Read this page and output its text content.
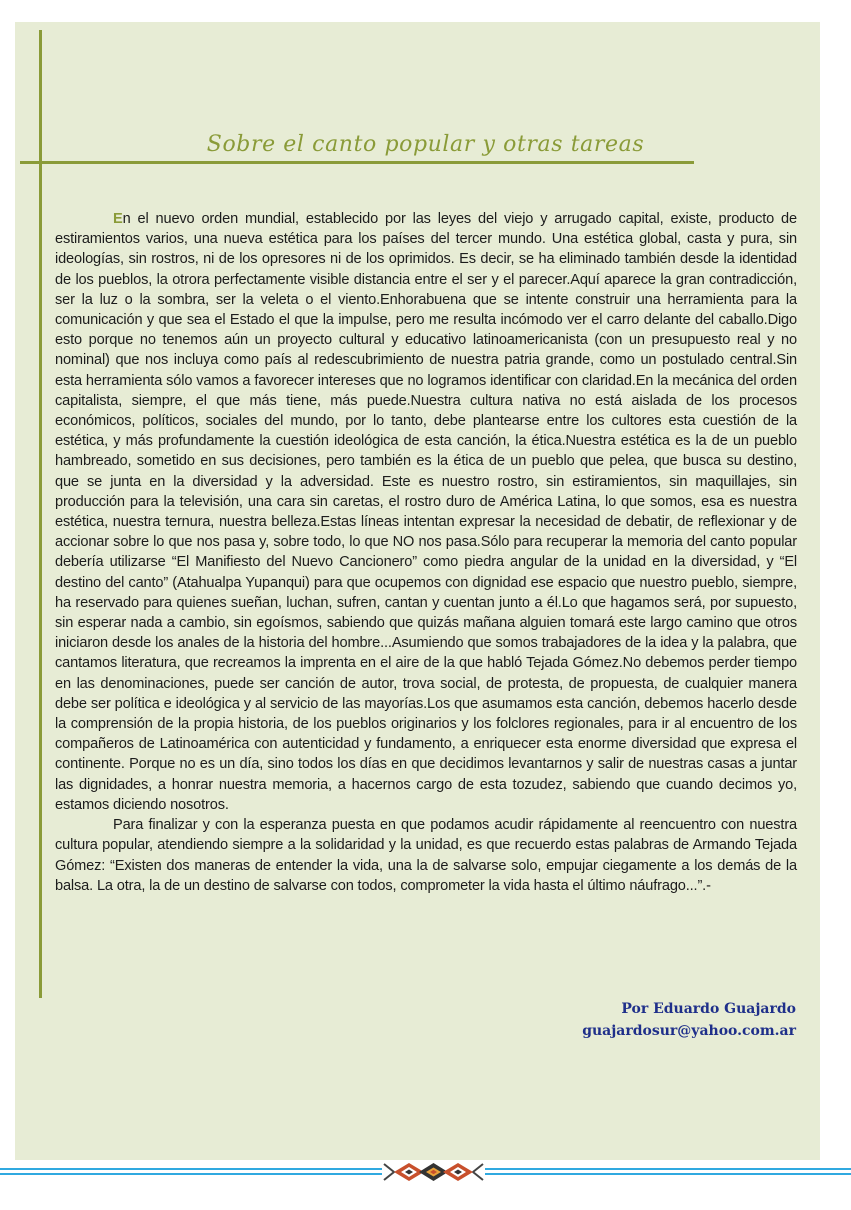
Sobre el canto popular y otras tareas

En el nuevo orden mundial, establecido por las leyes del viejo y arrugado capital, existe, producto de estiramientos varios, una nueva estética para los países del tercer mundo. Una estética global, casta y pura, sin ideologías, sin rostros, ni de los opresores ni de los oprimidos. Es decir, se ha eliminado también desde la identidad de los pueblos, la otrora perfectamente visible distancia entre el ser y el parecer.Aquí aparece la gran contradicción, ser la luz o la sombra, ser la veleta o el viento.Enhorabuena que se intente construir una herramienta para la comunicación y que sea el Estado el que la impulse, pero me resulta incómodo ver el carro delante del caballo.Digo esto porque no tenemos aún un proyecto cultural y educativo latinoamericanista (con un presupuesto real y no nominal) que nos incluya como país al redescubrimiento de nuestra patria grande, como un postulado central.Sin esta herramienta sólo vamos a favorecer intereses que no logramos identificar con claridad.En la mecánica del orden capitalista, siempre, el que más tiene, más puede.Nuestra cultura nativa no está aislada de los procesos económicos, políticos, sociales del mundo, por lo tanto, debe plantearse entre los cultores esta cuestión de la estética, y más profundamente la cuestión ideológica de esta canción, la ética.Nuestra estética es la de un pueblo hambreado, sometido en sus decisiones, pero también es la ética de un pueblo que pelea, que busca su destino, que se junta en la diversidad y la adversidad. Este es nuestro rostro, sin estiramientos, sin maquillajes, sin producción para la televisión, una cara sin caretas, el rostro duro de América Latina, lo que somos, esa es nuestra estética, nuestra ternura, nuestra belleza.Estas líneas intentan expresar la necesidad de debatir, de reflexionar y de accionar sobre lo que nos pasa y, sobre todo, lo que NO nos pasa.Sólo para recuperar la memoria del canto popular debería utilizarse “El Manifiesto del Nuevo Cancionero” como piedra angular de la unidad en la diversidad, y “El destino del canto” (Atahualpa Yupanqui) para que ocupemos con dignidad ese espacio que nuestro pueblo, siempre, ha reservado para quienes sueñan, luchan, sufren, cantan y cuentan junto a él.Lo que hagamos será, por supuesto, sin esperar nada a cambio, sin egoísmos, sabiendo que quizás mañana alguien tomará este largo camino que otros iniciaron desde los anales de la historia del hombre...Asumiendo que somos trabajadores de la idea y la palabra, que cantamos literatura, que recreamos la imprenta en el aire de la que habló Tejada Gómez.No debemos perder tiempo en las denominaciones, puede ser canción de autor, trova social, de protesta, de propuesta, de cualquier manera debe ser política e ideológica y al servicio de las mayorías.Los que asumamos esta canción, debemos hacerlo desde la comprensión de la propia historia, de los pueblos originarios y los folclores regionales, para ir al encuentro de los compañeros de Latinoamérica con autenticidad y fundamento, a enriquecer esta enorme diversidad que expresa el continente. Porque no es un día, sino todos los días en que decidimos levantarnos y salir de nuestras casas a juntar las dignidades, a honrar nuestra memoria, a hacernos cargo de esta tozudez, sabiendo que cuando decimos yo, estamos diciendo nosotros.

Para finalizar y con la esperanza puesta en que podamos acudir rápidamente al reencuentro con nuestra cultura popular, atendiendo siempre a la solidaridad y la unidad, es que recuerdo estas palabras de Armando Tejada Gómez: “Existen dos maneras de entender la vida, una la de salvarse solo, empujar ciegamente a los demás de la balsa. La otra, la de un destino de salvarse con todos, comprometer la vida hasta el último náufrago...”.-

Por Eduardo Guajardo
guajardosur@yahoo.com.ar
